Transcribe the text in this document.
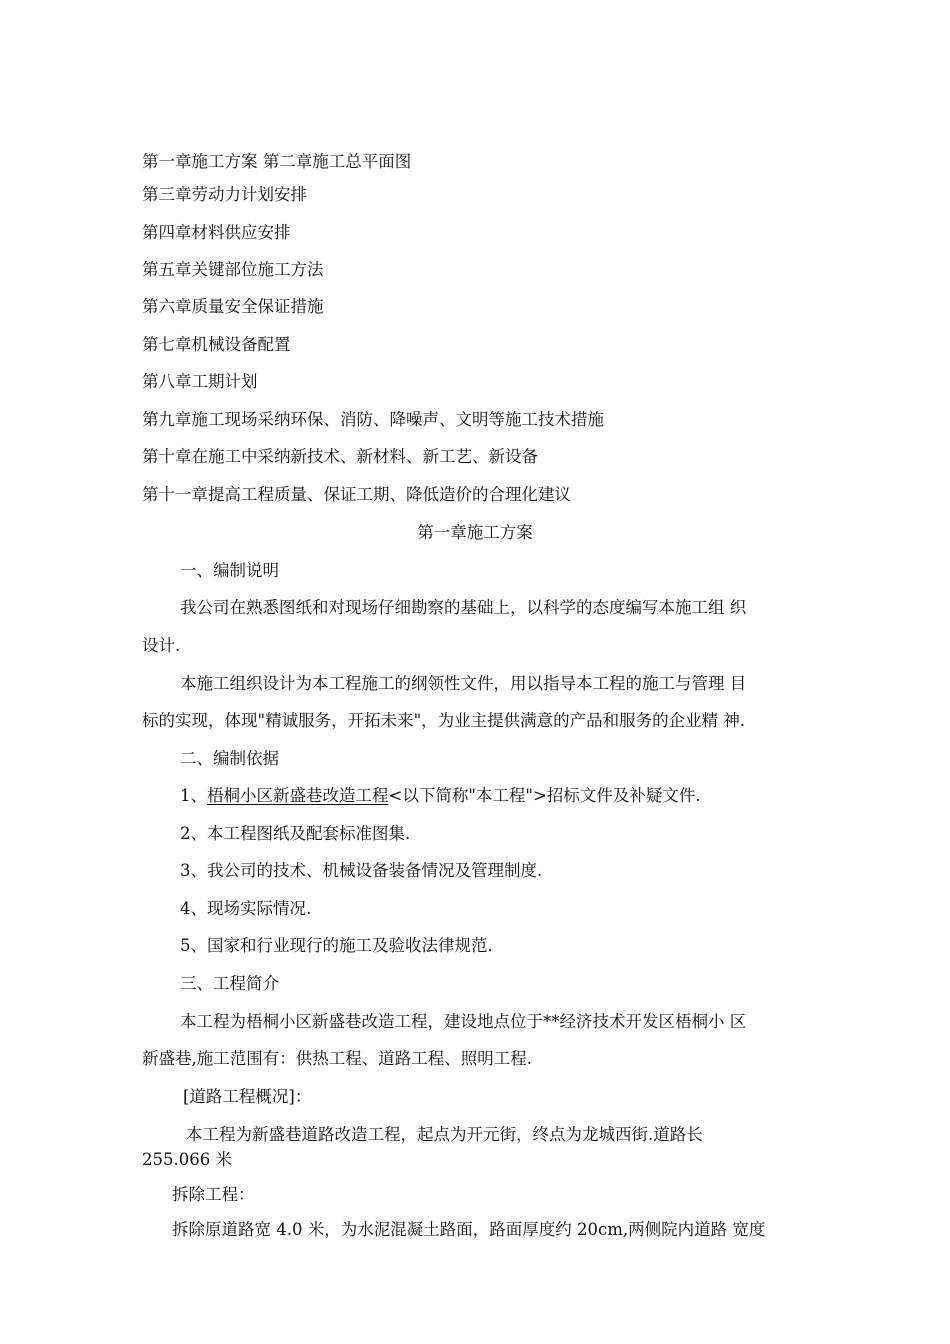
第一章施工方案 第二章施工总平面图
第三章劳动力计划安排
第四章材料供应安排
第五章关键部位施工方法
第六章质量安全保证措施
第七章机械设备配置
第八章工期计划
第九章施工现场采纳环保、消防、降噪声、文明等施工技术措施
第十章在施工中采纳新技术、新材料、新工艺、新设备
第十一章提高工程质量、保证工期、降低造价的合理化建议
第一章施工方案
一、编制说明
我公司在熟悉图纸和对现场仔细勘察的基础上，以科学的态度编写本施工组 织
设计.
本施工组织设计为本工程施工的纲领性文件，用以指导本工程的施工与管理 目
标的实现，体现"精诚服务，开拓未来"，为业主提供满意的产品和服务的企业精 神.
二、编制依据
1、梧桐小区新盛巷改造工程<以下简称"本工程">招标文件及补疑文件.
2、本工程图纸及配套标准图集.
3、我公司的技术、机械设备装备情况及管理制度.
4、现场实际情况.
5、国家和行业现行的施工及验收法律规范.
三、工程简介
本工程为梧桐小区新盛巷改造工程，建设地点位于**经济技术开发区梧桐小 区
新盛巷,施工范围有：供热工程、道路工程、照明工程.
[道路工程概况]：
本工程为新盛巷道路改造工程，起点为开元街，终点为龙城西街.道路长
255.066 米
拆除工程：
拆除原道路宽 4.0 米，为水泥混凝土路面，路面厚度约 20cm,两侧院内道路 宽度
